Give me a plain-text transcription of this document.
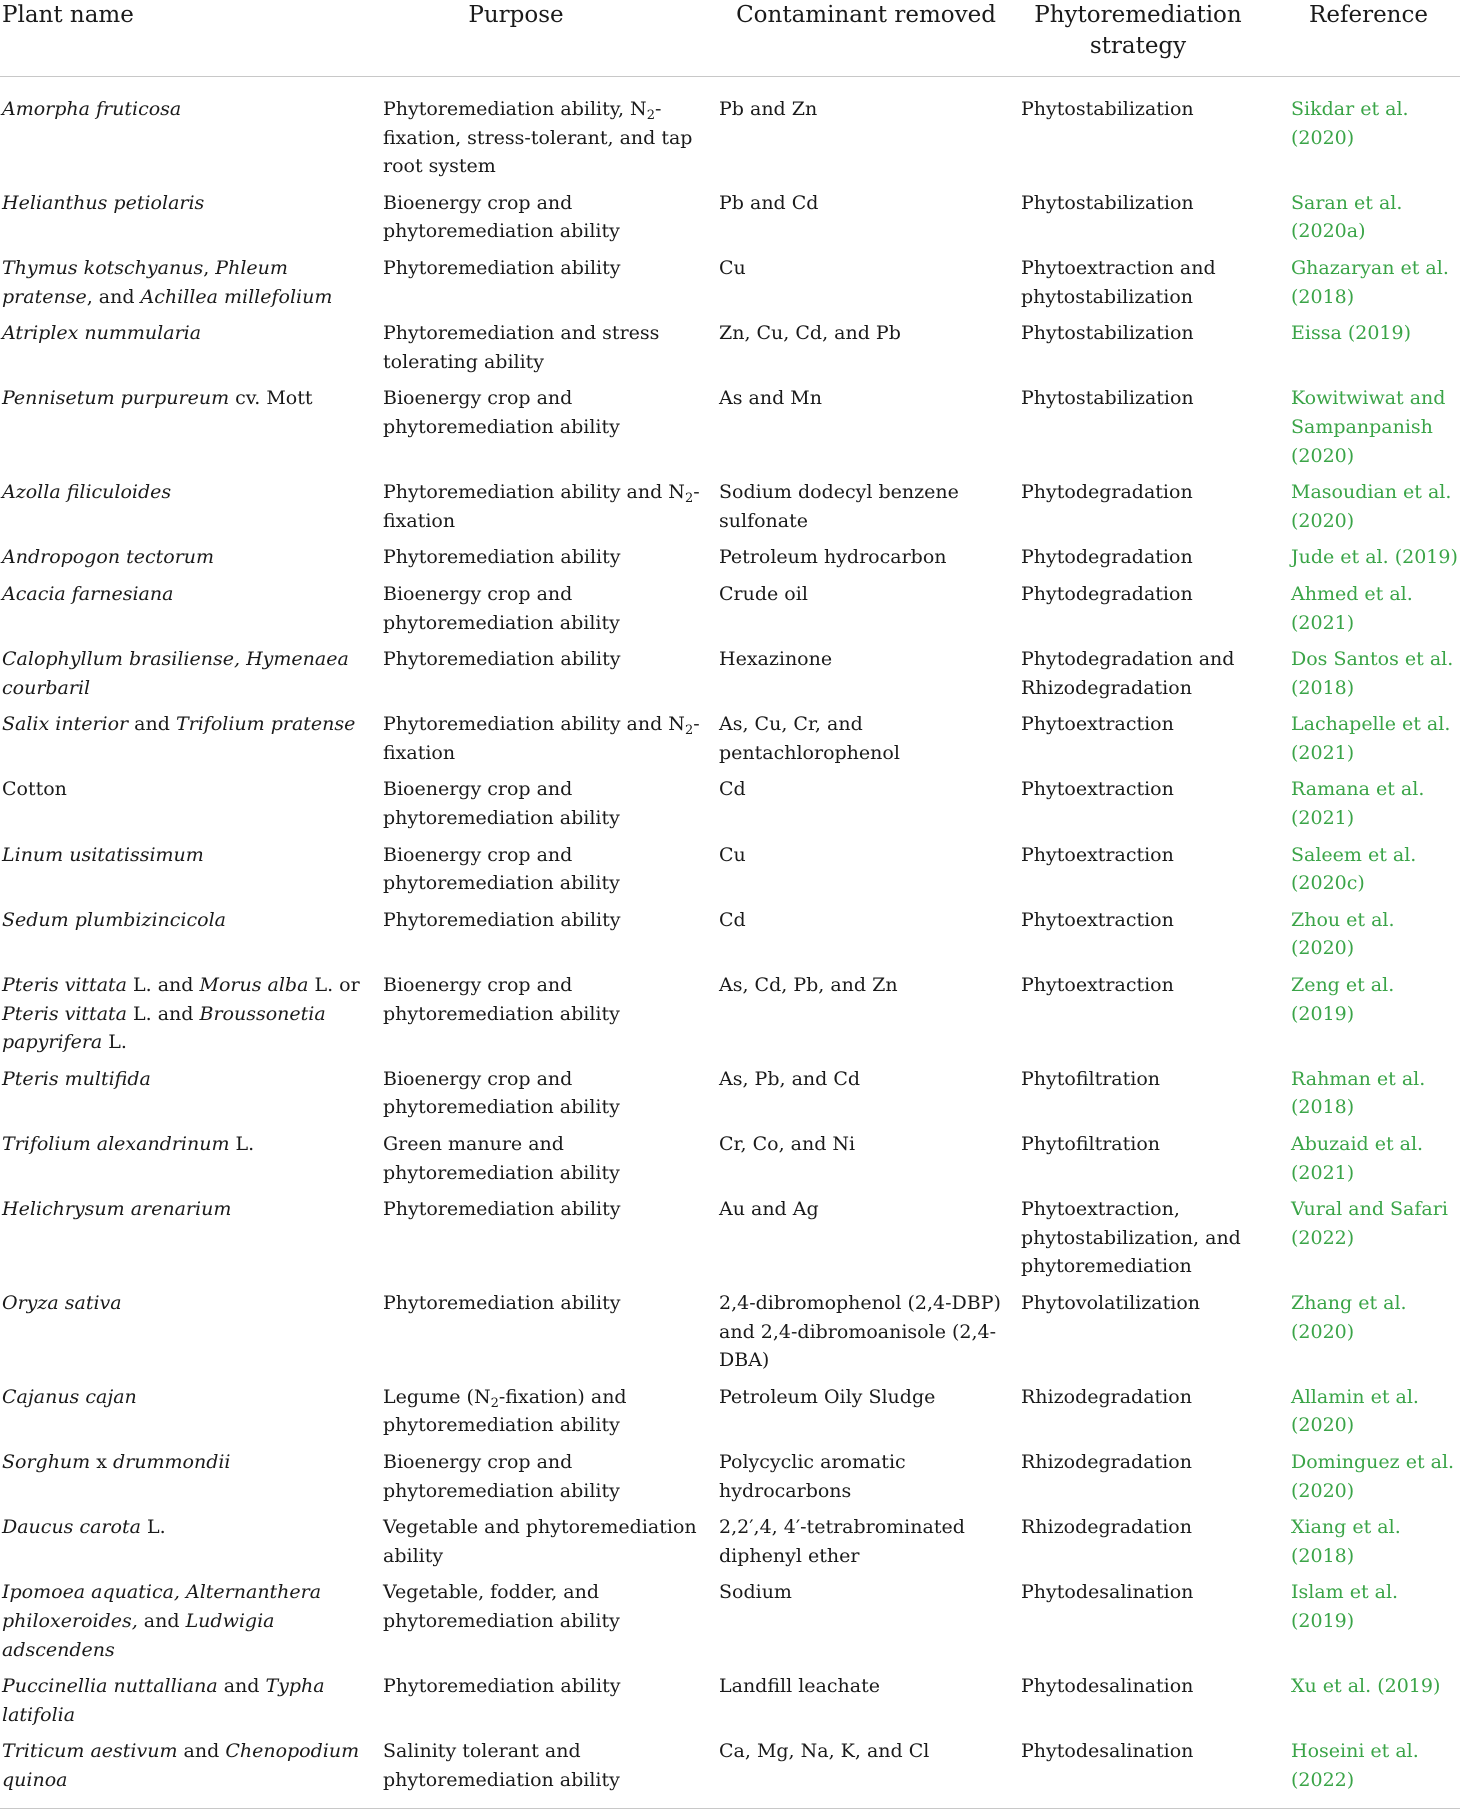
Plant name	Purpose	Contaminant removed	Phytoremediation strategy	Reference
Amorpha fruticosa	Phytoremediation ability, $N_2$-fixation, stress-tolerant, and tap root system	Pb and Zn	Phytostabilization	Sikdar et al. (2020)
Helianthus petiolaris	Bioenergy crop and phytoremediation ability	Pb and Cd	Phytostabilization	Saran et al. (2020a)
Thymus kotschyanus, Phleum pratense, and Achillea millefolium	Phytoremediation ability	Cu	Phytoextraction and phytostabilization	Ghazaryan et al. (2018)
Atriplex nummularia	Phytoremediation and stress tolerating ability	Zn, Cu, Cd, and Pb	Phytostabilization	Eissa (2019)
Pennisetum purpureum cv. Mott	Bioenergy crop and phytoremediation ability	As and Mn	Phytostabilization	Kowitwiwat and Sampanpanish (2020)
Azolla filiculoides	Phytoremediation ability and $N_2$-fixation	Sodium dodecyl benzene sulfonate	Phytodegradation	Masoudian et al. (2020)
Andropogon tectorum	Phytoremediation ability	Petroleum hydrocarbon	Phytodegradation	Jude et al. (2019)
Acacia farnesiana	Bioenergy crop and phytoremediation ability	Crude oil	Phytodegradation	Ahmed et al. (2021)
Calophyllum brasiliense, Hymenaea courbaril	Phytoremediation ability	Hexazinone	Phytodegradation and Rhizodegradation	Dos Santos et al. (2018)
Salix interior and Trifolium pratense	Phytoremediation ability and $N_2$-fixation	As, Cu, Cr, and pentachlorophenol	Phytoextraction	Lachapelle et al. (2021)
Cotton	Bioenergy crop and phytoremediation ability	Cd	Phytoextraction	Ramana et al. (2021)
Linum usitatissimum	Bioenergy crop and phytoremediation ability	Cu	Phytoextraction	Saleem et al. (2020c)
Sedum plumbizincicola	Phytoremediation ability	Cd	Phytoextraction	Zhou et al. (2020)
Pteris vittata L. and Morus alba L. or Pteris vittata L. and Broussonetia papyrifera L.	Bioenergy crop and phytoremediation ability	As, Cd, Pb, and Zn	Phytoextraction	Zeng et al. (2019)
Pteris multifida	Bioenergy crop and phytoremediation ability	As, Pb, and Cd	Phytofiltration	Rahman et al. (2018)
Trifolium alexandrinum L.	Green manure and phytoremediation ability	Cr, Co, and Ni	Phytofiltration	Abuzaid et al. (2021)
Helichrysum arenarium	Phytoremediation ability	Au and Ag	Phytoextraction, phytostabilization, and phytoremediation	Vural and Safari (2022)
Oryza sativa	Phytoremediation ability	2,4-dibromophenol (2,4-DBP) and 2,4-dibromoanisole (2,4-DBA)	Phytovolatilization	Zhang et al. (2020)
Cajanus cajan	Legume $(N_2-fixation)$ and phytoremediation ability	Petroleum Oily Sludge	Rhizodegradation	Allamin et al. (2020)
Sorghum x drummondii	Bioenergy crop and phytoremediation ability	Polycyclic aromatic hydrocarbons	Rhizodegradation	Dominguez et al. (2020)
Daucus carota L.	Vegetable and phytoremediation ability	2,2′,4, 4′-tetrabrominated diphenyl ether	Rhizodegradation	Xiang et al. (2018)
Ipomoea aquatica, Alternanthera philoxeroides, and Ludwigia adscendens	Vegetable, fodder, and phytoremediation ability	Sodium	Phytodesalination	Islam et al. (2019)
Puccinellia nuttalliana and Typha latifolia	Phytoremediation ability	Landfill leachate	Phytodesalination	Xu et al. (2019)
Triticum aestivum and Chenopodium quinoa	Salinity tolerant and phytoremediation ability	Ca, Mg, Na, K, and Cl	Phytodesalination	Hoseini et al. (2022)
